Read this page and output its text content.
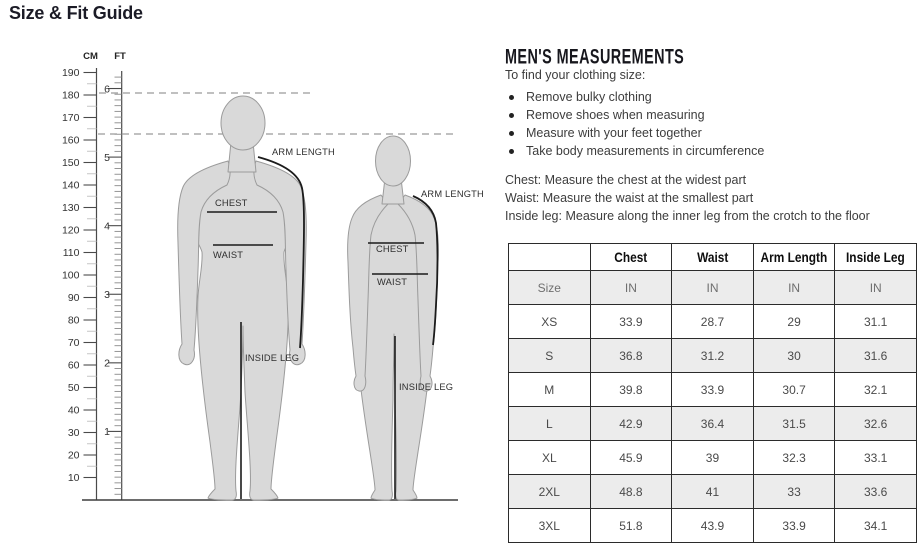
Size & Fit Guide
CM FT
190
180
170
160
150
140
130
120
110
100
90
80
70
60
50
40
30
20
10
6
5
4
3
2
1
CHEST
WAIST
ARM LENGTH
INSIDE LEG
CHEST
WAIST
ARM LENGTH
INSIDE LEG
MEN'S MEASUREMENTS
To find your clothing size:
Remove bulky clothing
Remove shoes when measuring
Measure with your feet together
Take body measurements in circumference

Chest: Measure the chest at the widest part

Waist: Measure the waist at the smallest part

Inside leg: Measure along the inner leg from the crotch to the floor

	Chest	Waist	Arm Length	Inside Leg
Size	IN	IN	IN	IN
XS	33.9	28.7	29	31.1
S	36.8	31.2	30	31.6
M	39.8	33.9	30.7	32.1
L	42.9	36.4	31.5	32.6
XL	45.9	39	32.3	33.1
2XL	48.8	41	33	33.6
3XL	51.8	43.9	33.9	34.1
